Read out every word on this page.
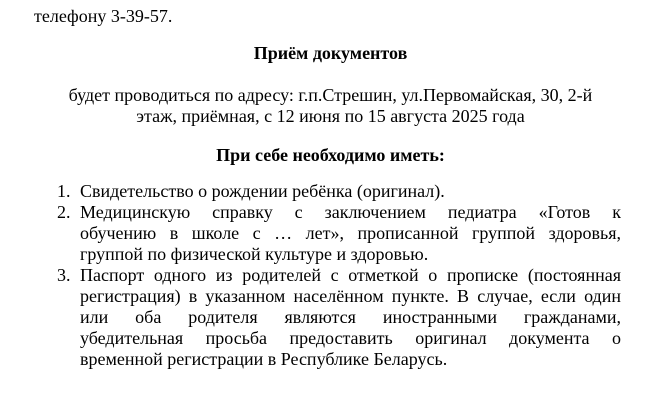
телефону 3-39-57.
Приём документов
будет проводиться по адресу: г.п.Стрешин, ул.Первомайская, 30, 2-й
этаж, приёмная, с 12 июня по 15 августа 2025 года
При себе необходимо иметь:
1. Свидетельство о рождении ребёнка (оригинал).
2. Медицинскую справку с заключением педиатра «Готов к
обучению в школе с … лет», прописанной группой здоровья,
группой по физической культуре и здоровью.
3. Паспорт одного из родителей с отметкой о прописке (постоянная
регистрация) в указанном населённом пункте. В случае, если один
или оба родителя являются иностранными гражданами,
убедительная просьба предоставить оригинал документа о
временной регистрации в Республике Беларусь.
